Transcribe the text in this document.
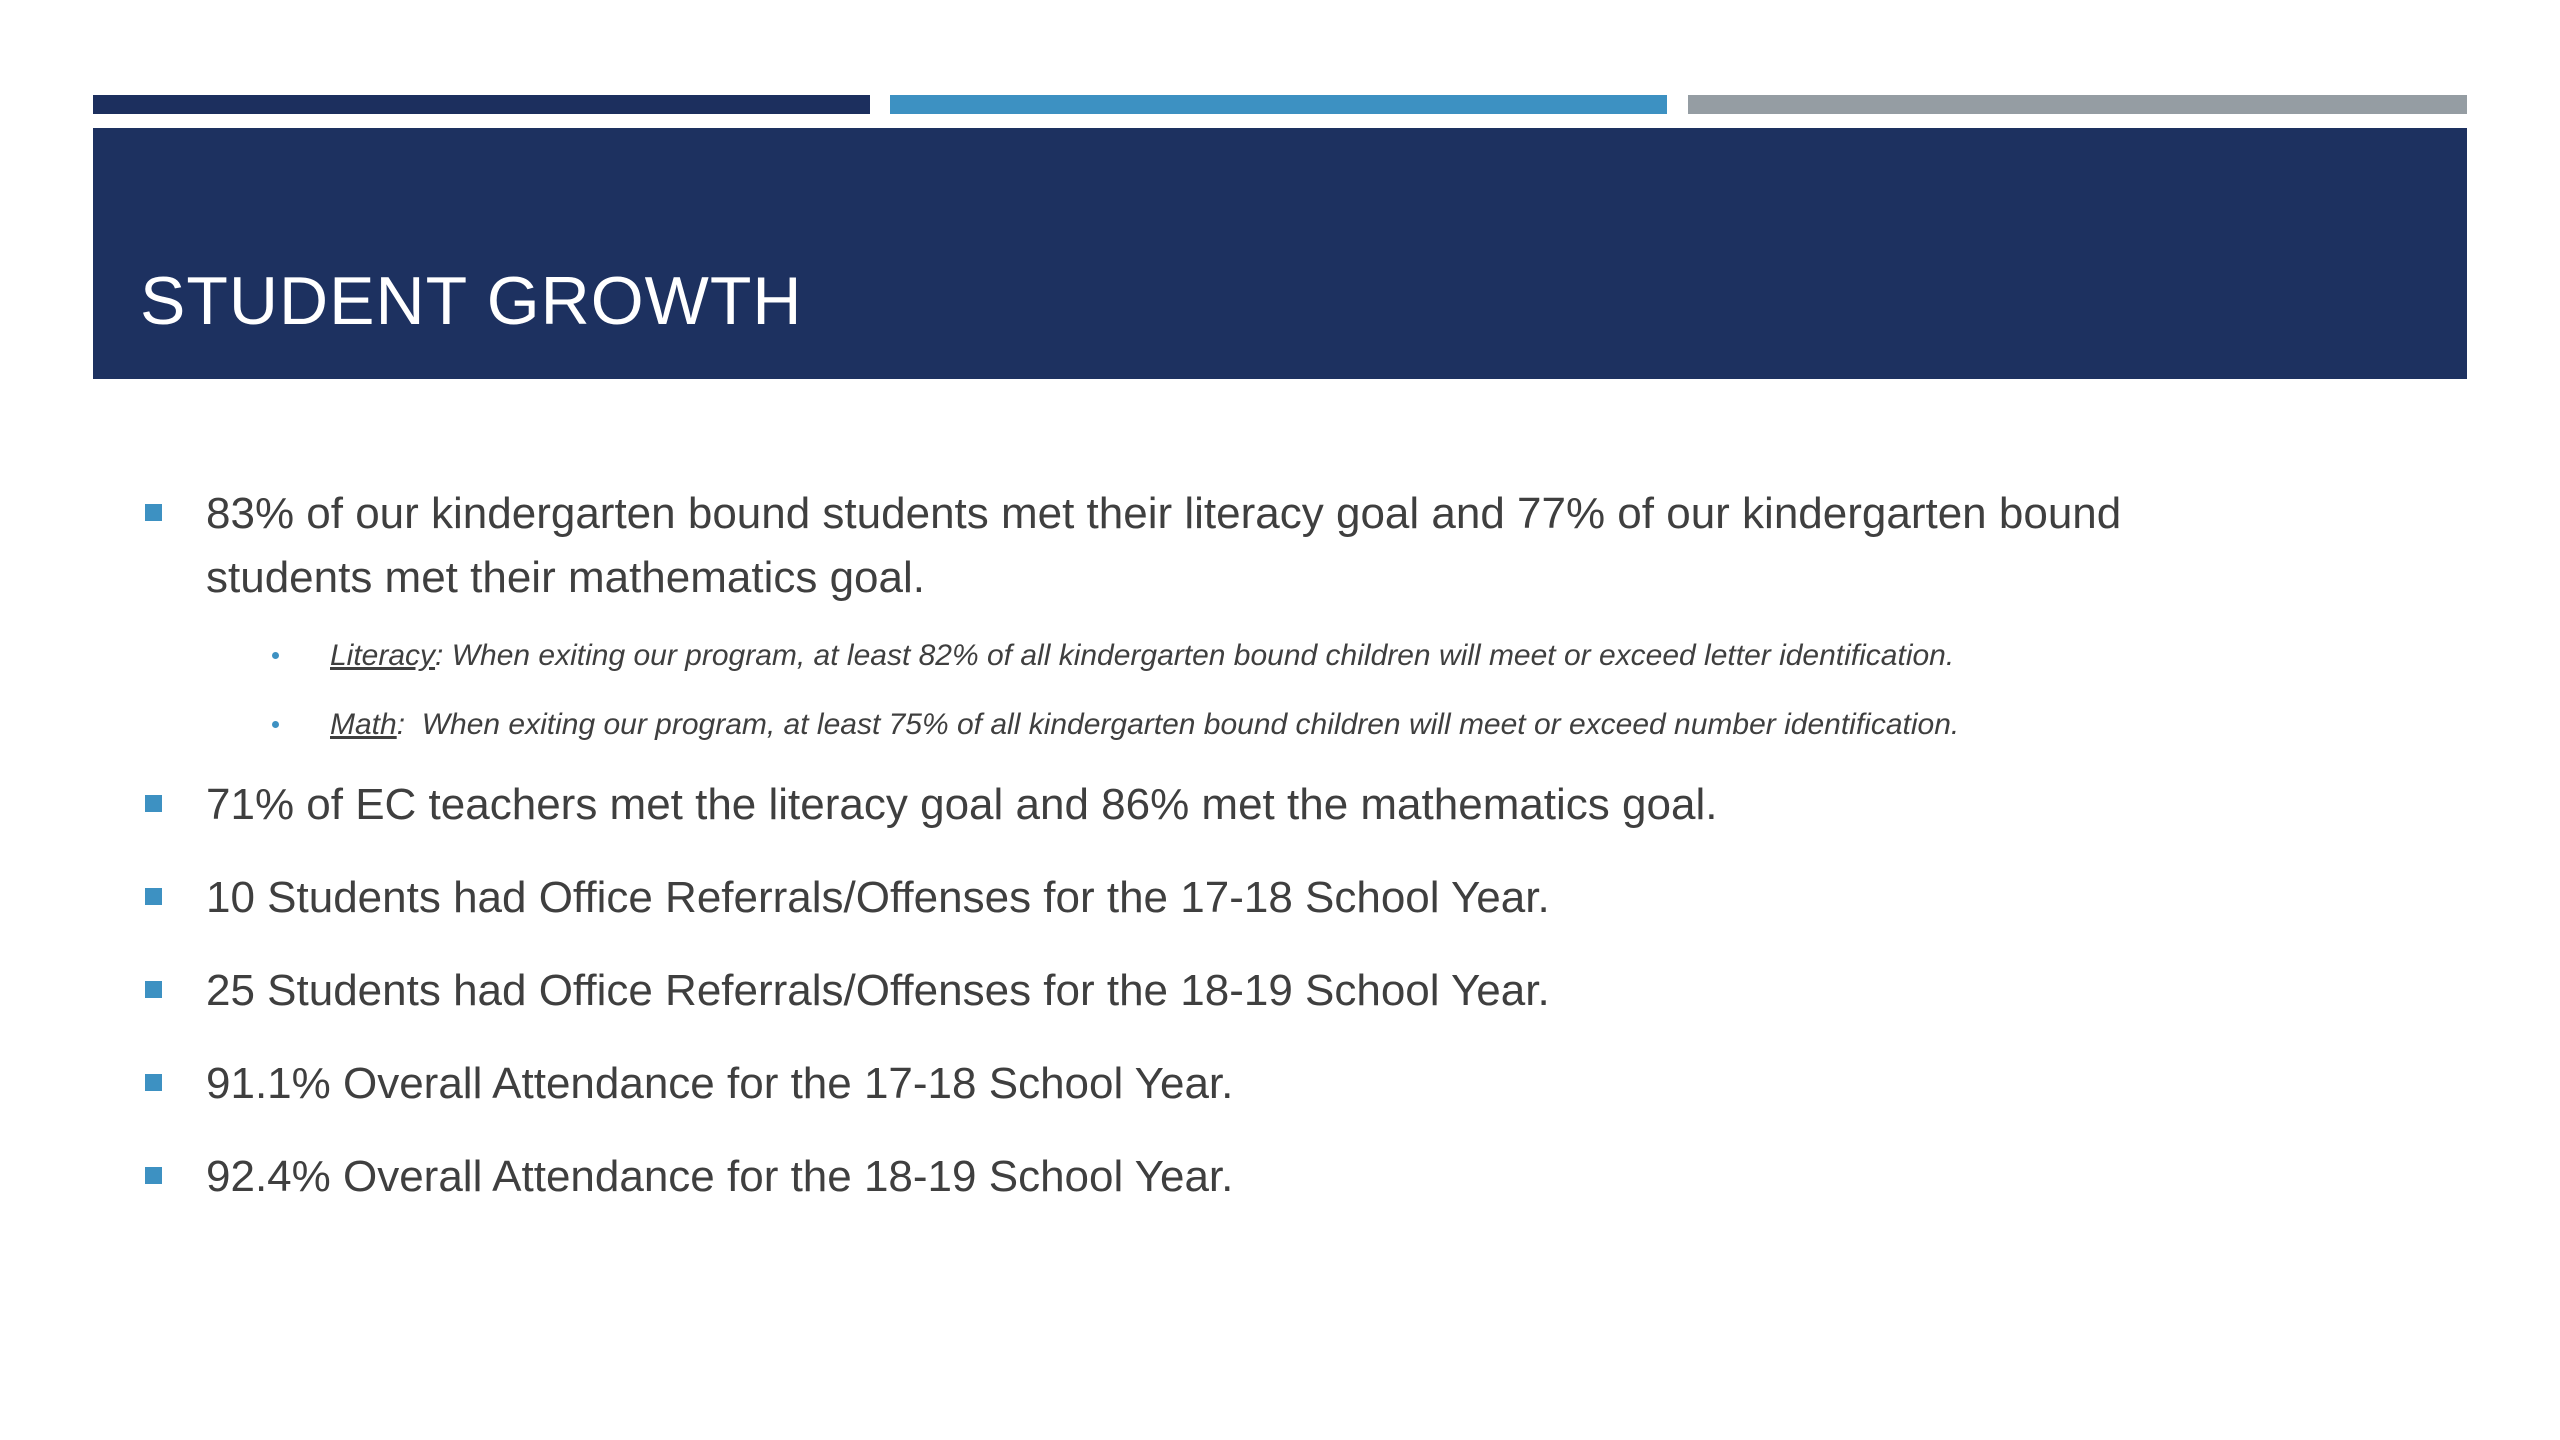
STUDENT GROWTH
83% of our kindergarten bound students met their literacy goal and 77% of our kindergarten bound
students met their mathematics goal.
Literacy: When exiting our program, at least 82% of all kindergarten bound children will meet or exceed letter identification.
Math:  When exiting our program, at least 75% of all kindergarten bound children will meet or exceed number identification.
71% of EC teachers met the literacy goal and 86% met the mathematics goal.
10 Students had Office Referrals/Offenses for the 17-18 School Year.
25 Students had Office Referrals/Offenses for the 18-19 School Year.
91.1% Overall Attendance for the 17-18 School Year.
92.4% Overall Attendance for the 18-19 School Year.
